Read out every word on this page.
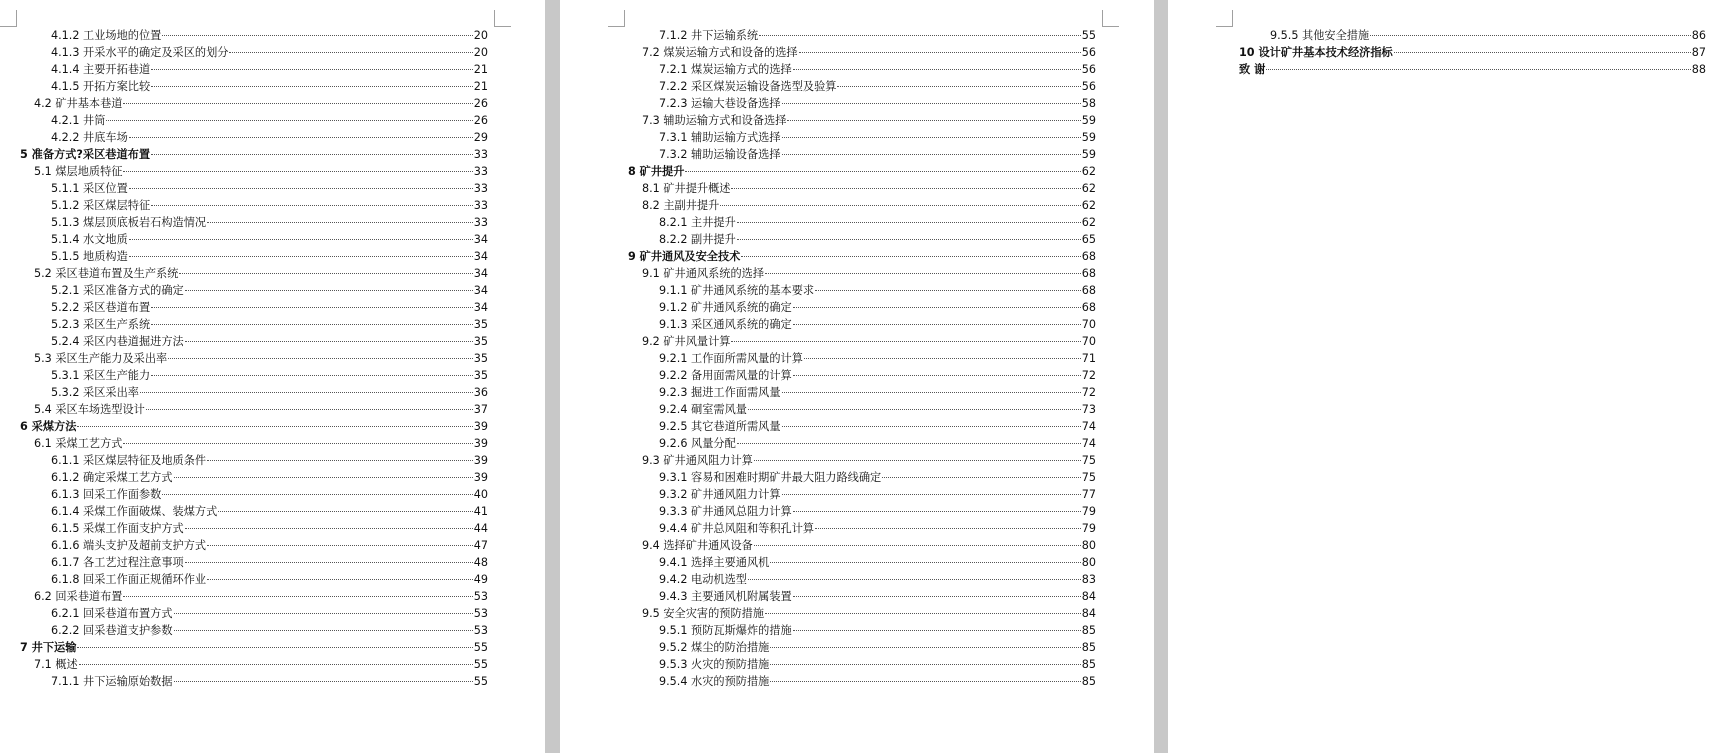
4.1.2 工业场地的位置	20
4.1.3 开采水平的确定及采区的划分	20
4.1.4 主要开拓巷道	21
4.1.5 开拓方案比较	21
4.2 矿井基本巷道	26
4.2.1 井筒	26
4.2.2 井底车场	29
5 准备方式?采区巷道布置	33
5.1 煤层地质特征	33
5.1.1 采区位置	33
5.1.2 采区煤层特征	33
5.1.3 煤层顶底板岩石构造情况	33
5.1.4 水文地质	34
5.1.5 地质构造	34
5.2 采区巷道布置及生产系统	34
5.2.1 采区准备方式的确定	34
5.2.2 采区巷道布置	34
5.2.3 采区生产系统	35
5.2.4 采区内巷道掘进方法	35
5.3 采区生产能力及采出率	35
5.3.1 采区生产能力	35
5.3.2 采区采出率	36
5.4 采区车场选型设计	37
6 采煤方法	39
6.1 采煤工艺方式	39
6.1.1 采区煤层特征及地质条件	39
6.1.2 确定采煤工艺方式	39
6.1.3 回采工作面参数	40
6.1.4 采煤工作面破煤、装煤方式	41
6.1.5 采煤工作面支护方式	44
6.1.6 端头支护及超前支护方式	47
6.1.7 各工艺过程注意事项	48
6.1.8 回采工作面正规循环作业	49
6.2 回采巷道布置	53
6.2.1 回采巷道布置方式	53
6.2.2 回采巷道支护参数	53
7 井下运输	55
7.1 概述	55
7.1.1 井下运输原始数据	55
7.1.2 井下运输系统	55
7.2 煤炭运输方式和设备的选择	56
7.2.1 煤炭运输方式的选择	56
7.2.2 采区煤炭运输设备选型及验算	56
7.2.3 运输大巷设备选择	58
7.3 辅助运输方式和设备选择	59
7.3.1 辅助运输方式选择	59
7.3.2 辅助运输设备选择	59
8 矿井提升	62
8.1 矿井提升概述	62
8.2 主副井提升	62
8.2.1 主井提升	62
8.2.2 副井提升	65
9 矿井通风及安全技术	68
9.1 矿井通风系统的选择	68
9.1.1 矿井通风系统的基本要求	68
9.1.2 矿井通风系统的确定	68
9.1.3 采区通风系统的确定	70
9.2 矿井风量计算	70
9.2.1 工作面所需风量的计算	71
9.2.2 备用面需风量的计算	72
9.2.3 掘进工作面需风量	72
9.2.4 硐室需风量	73
9.2.5 其它巷道所需风量	74
9.2.6 风量分配	74
9.3 矿井通风阻力计算	75
9.3.1 容易和困难时期矿井最大阻力路线确定	75
9.3.2 矿井通风阻力计算	77
9.3.3 矿井通风总阻力计算	79
9.4.4 矿井总风阻和等积孔计算	79
9.4 选择矿井通风设备	80
9.4.1 选择主要通风机	80
9.4.2 电动机选型	83
9.4.3 主要通风机附属装置	84
9.5 安全灾害的预防措施	84
9.5.1 预防瓦斯爆炸的措施	85
9.5.2 煤尘的防治措施	85
9.5.3 火灾的预防措施	85
9.5.4 水灾的预防措施	85
9.5.5 其他安全措施	86
10 设计矿井基本技术经济指标	87
致 谢	88
